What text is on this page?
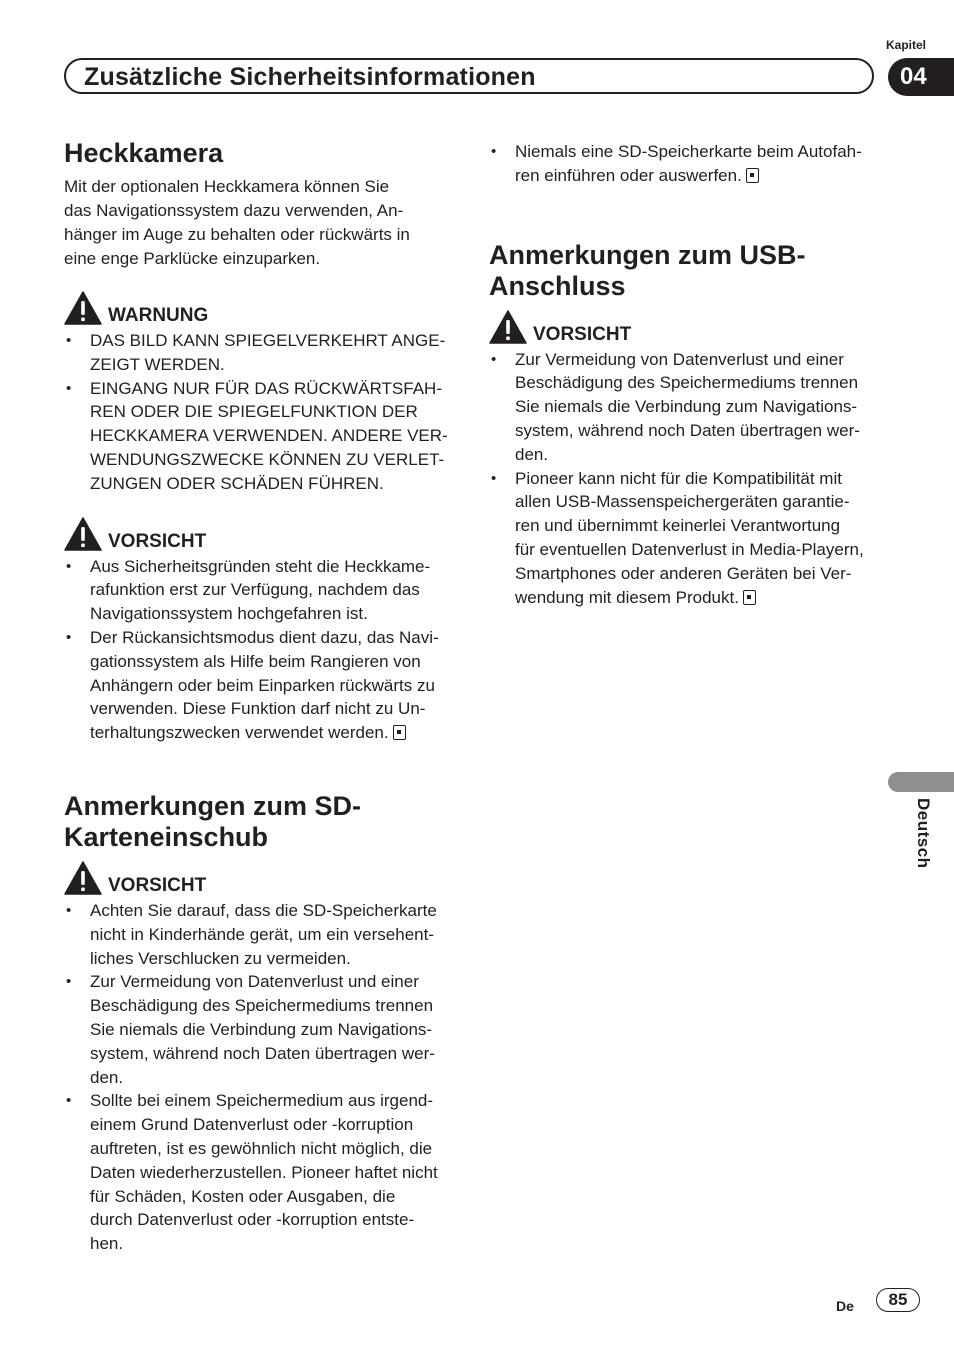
Kapitel
Zusätzliche Sicherheitsinformationen	04
Heckkamera

Mit der optionalen Heckkamera können Sie
das Navigationssystem dazu verwenden, An-
hänger im Auge zu behalten oder rückwärts in
eine enge Parklücke einzuparken.

WARNUNG
• DAS BILD KANN SPIEGELVERKEHRT ANGE-
ZEIGT WERDEN.
• EINGANG NUR FÜR DAS RÜCKWÄRTSFAH-
REN ODER DIE SPIEGELFUNKTION DER
HECKKAMERA VERWENDEN. ANDERE VER-
WENDUNGSZWECKE KÖNNEN ZU VERLET-
ZUNGEN ODER SCHÄDEN FÜHREN.
VORSICHT
• Aus Sicherheitsgründen steht die Heckkame-
rafunktion erst zur Verfügung, nachdem das
Navigationssystem hochgefahren ist.
• Der Rückansichtsmodus dient dazu, das Navi-
gationssystem als Hilfe beim Rangieren von
Anhängern oder beim Einparken rückwärts zu
verwenden. Diese Funktion darf nicht zu Un-
terhaltungszwecken verwendet werden.
Anmerkungen zum SD-
Karteneinschub
VORSICHT
• Achten Sie darauf, dass die SD-Speicherkarte
nicht in Kinderhände gerät, um ein versehent-
liches Verschlucken zu vermeiden.
• Zur Vermeidung von Datenverlust und einer
Beschädigung des Speichermediums trennen
Sie niemals die Verbindung zum Navigations-
system, während noch Daten übertragen wer-
den.
• Sollte bei einem Speichermedium aus irgend-
einem Grund Datenverlust oder -korruption
auftreten, ist es gewöhnlich nicht möglich, die
Daten wiederherzustellen. Pioneer haftet nicht
für Schäden, Kosten oder Ausgaben, die
durch Datenverlust oder -korruption entste-
hen.
• Niemals eine SD-Speicherkarte beim Autofah-
ren einführen oder auswerfen.
Anmerkungen zum USB-
Anschluss
VORSICHT
• Zur Vermeidung von Datenverlust und einer
Beschädigung des Speichermediums trennen
Sie niemals die Verbindung zum Navigations-
system, während noch Daten übertragen wer-
den.
• Pioneer kann nicht für die Kompatibilität mit
allen USB-Massenspeichergeräten garantie-
ren und übernimmt keinerlei Verantwortung
für eventuellen Datenverlust in Media-Playern,
Smartphones oder anderen Geräten bei Ver-
wendung mit diesem Produkt.
Deutsch
De	85
